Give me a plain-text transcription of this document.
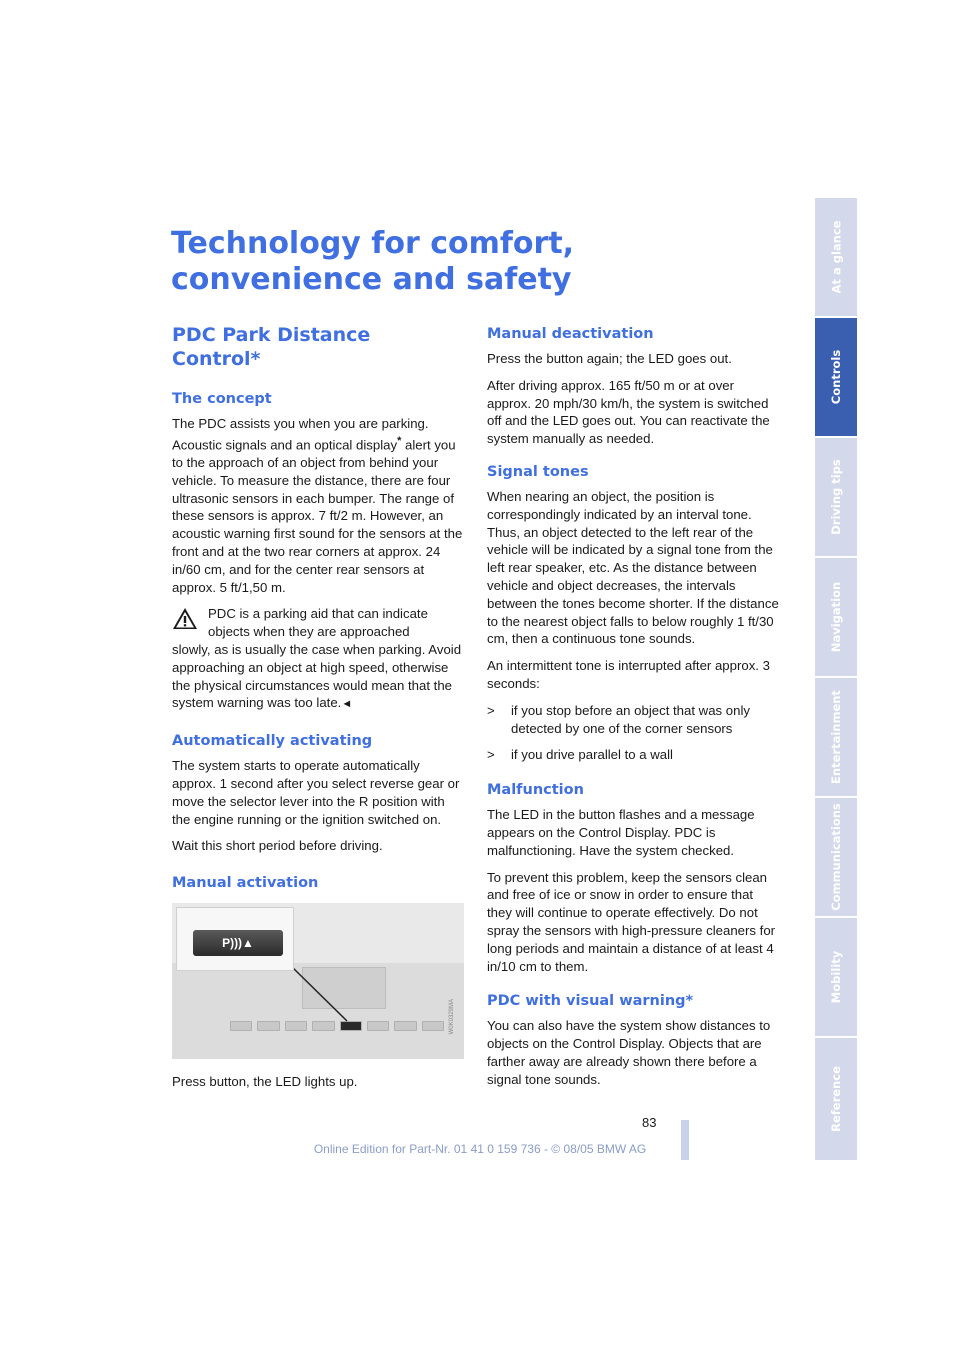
Technology for comfort, convenience and safety
PDC Park Distance Control*
The concept

The PDC assists you when you are parking. Acoustic signals and an optical display* alert you to the approach of an object from behind your vehicle. To measure the distance, there are four ultrasonic sensors in each bumper. The range of these sensors is approx. 7 ft/2 m. However, an acoustic warning first sound for the sensors at the front and at the two rear corners at approx. 24 in/60 cm, and for the center rear sensors at approx. 5 ft/1,50 m.

PDC is a parking aid that can indicate objects when they are approached
slowly, as is usually the case when parking. Avoid approaching an object at high speed, otherwise the physical circumstances would mean that the system warning was too late.◄
Automatically activating

The system starts to operate automatically approx. 1 second after you select reverse gear or move the selector lever into the R position with the engine running or the ignition switched on.

Wait this short period before driving.

Manual activation
P)))▲
W0K0329MA

Press button, the LED lights up.

Manual deactivation

Press the button again; the LED goes out.

After driving approx. 165 ft/50 m or at over approx. 20 mph/30 km/h, the system is switched off and the LED goes out. You can reactivate the system manually as needed.

Signal tones

When nearing an object, the position is correspondingly indicated by an interval tone. Thus, an object detected to the left rear of the vehicle will be indicated by a signal tone from the left rear speaker, etc. As the distance between vehicle and object decreases, the intervals between the tones become shorter. If the distance to the nearest object falls to below roughly 1 ft/30 cm, then a continuous tone sounds.

An intermittent tone is interrupted after approx. 3 seconds:

> if you stop before an object that was only detected by one of the corner sensors
> if you drive parallel to a wall
Malfunction

The LED in the button flashes and a message appears on the Control Display. PDC is malfunctioning. Have the system checked.

To prevent this problem, keep the sensors clean and free of ice or snow in order to ensure that they will continue to operate effectively. Do not spray the sensors with high-pressure cleaners for long periods and maintain a distance of at least 4 in/10 cm to them.

PDC with visual warning*

You can also have the system show distances to objects on the Control Display. Objects that are farther away are already shown there before a signal tone sounds.

At a glance
Controls
Driving tips
Navigation
Entertainment
Communications
Mobility
Reference
83
Online Edition for Part-Nr. 01 41 0 159 736 - © 08/05 BMW AG
